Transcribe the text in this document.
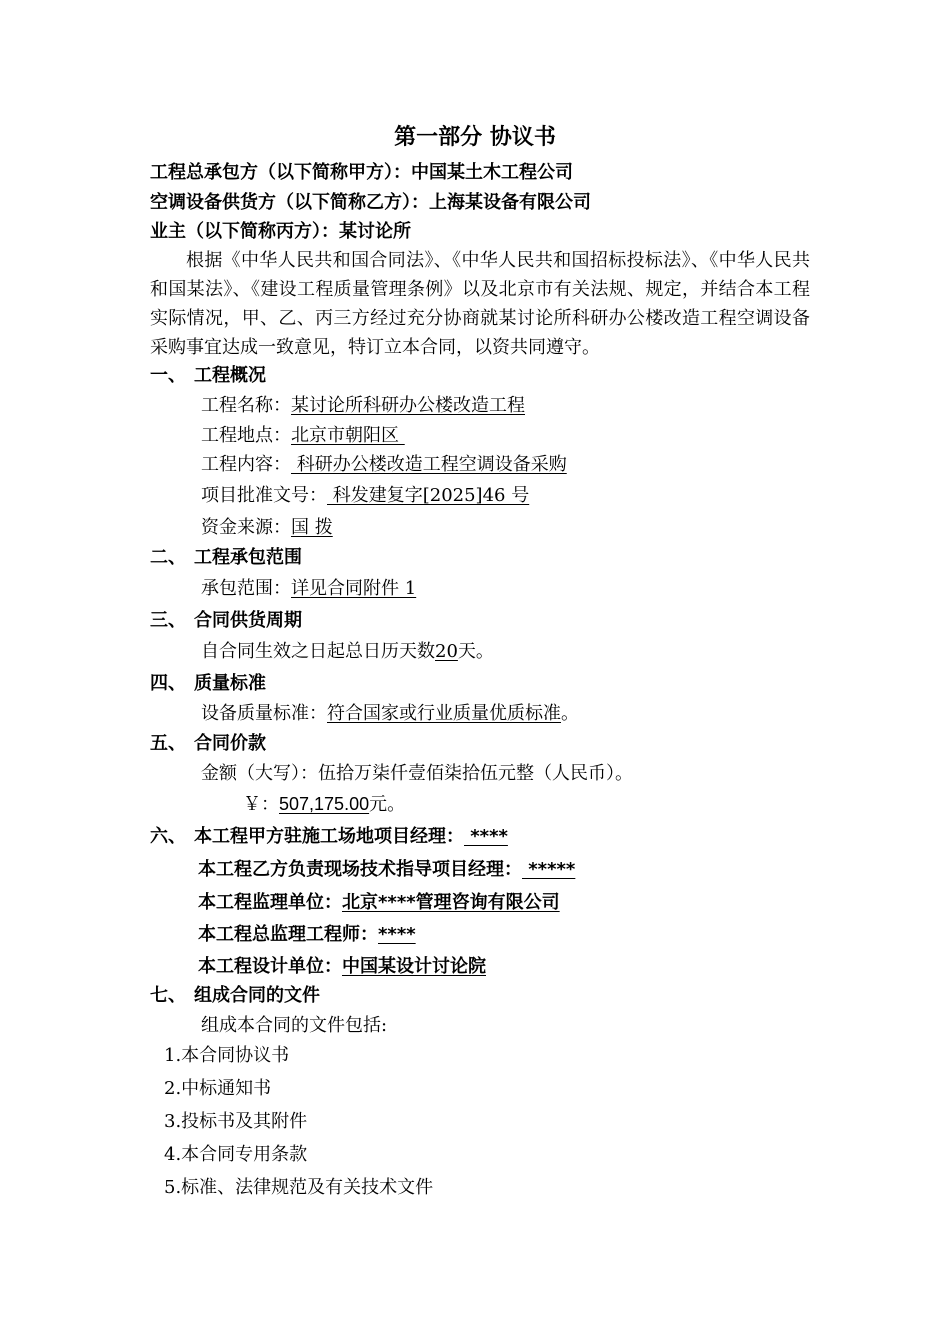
第一部分 协议书
工程总承包方（以下简称甲方）：中国某土木工程公司
空调设备供货方（以下简称乙方）：上海某设备有限公司
业主（以下简称丙方）：某讨论所
根据《中华人民共和国合同法》、《中华人民共和国招标投标法》、《中华人民共和国某法》、《建设工程质量管理条例》以及北京市有关法规、规定，并结合本工程实际情况，甲、乙、丙三方经过充分协商就某讨论所科研办公楼改造工程空调设备采购事宜达成一致意见，特订立本合同，以资共同遵守。
一、 工程概况
工程名称：某讨论所科研办公楼改造工程
工程地点：北京市朝阳区
工程内容： 科研办公楼改造工程空调设备采购
项目批准文号： 科发建复字[2025]46 号
资金来源：国 拨
二、 工程承包范围
承包范围：详见合同附件 1
三、 合同供货周期
自合同生效之日起总日历天数20天。
四、 质量标准
设备质量标准：符合国家或行业质量优质标准。
五、 合同价款
金额（大写）：伍拾万柒仟壹佰柒拾伍元整（人民币）。
￥：507,175.00元。
六、 本工程甲方驻施工场地项目经理： ****
本工程乙方负责现场技术指导项目经理： *****
本工程监理单位：北京****管理咨询有限公司
本工程总监理工程师：****
本工程设计单位：中国某设计讨论院
七、 组成合同的文件
组成本合同的文件包括:
1.本合同协议书
2.中标通知书
3.投标书及其附件
4.本合同专用条款
5.标准、法律规范及有关技术文件
